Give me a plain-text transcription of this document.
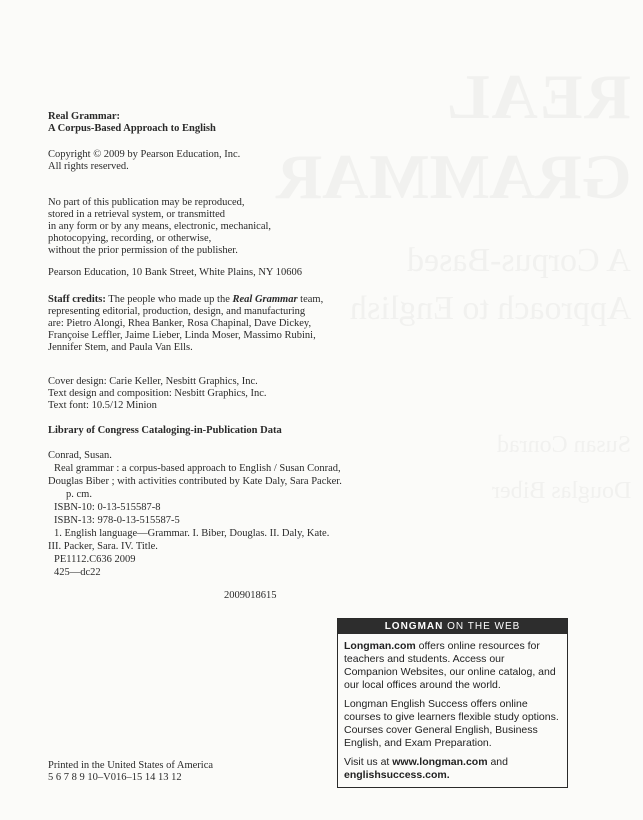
REAL
GRAMMAR
A Corpus-Based
Approach to English
Susan Conrad
Douglas Biber
Real Grammar:
A Corpus-Based Approach to English
Copyright © 2009 by Pearson Education, Inc.
All rights reserved.
No part of this publication may be reproduced,
stored in a retrieval system, or transmitted
in any form or by any means, electronic, mechanical,
photocopying, recording, or otherwise,
without the prior permission of the publisher.
Pearson Education, 10 Bank Street, White Plains, NY 10606
Staff credits: The people who made up the Real Grammar team,
representing editorial, production, design, and manufacturing
are: Pietro Alongi, Rhea Banker, Rosa Chapinal, Dave Dickey,
Françoise Leffler, Jaime Lieber, Linda Moser, Massimo Rubini,
Jennifer Stem, and Paula Van Ells.
Cover design: Carie Keller, Nesbitt Graphics, Inc.
Text design and composition: Nesbitt Graphics, Inc.
Text font: 10.5/12 Minion
Library of Congress Cataloging-in-Publication Data
Conrad, Susan.
Real grammar : a corpus-based approach to English / Susan Conrad,
Douglas Biber ; with activities contributed by Kate Daly, Sara Packer.
p. cm.
ISBN-10: 0-13-515587-8
ISBN-13: 978-0-13-515587-5
1. English language—Grammar. I. Biber, Douglas. II. Daly, Kate.
III. Packer, Sara. IV. Title.
PE1112.C636 2009
425—dc22
2009018615
Printed in the United States of America
5 6 7 8 9 10–V016–15 14 13 12
LONGMAN ON THE WEB

Longman.com offers online resources for teachers and students. Access our Companion Websites, our online catalog, and our local offices around the world.

Longman English Success offers online courses to give learners flexible study options. Courses cover General English, Business English, and Exam Preparation.

Visit us at www.longman.com and
englishsuccess.com.
